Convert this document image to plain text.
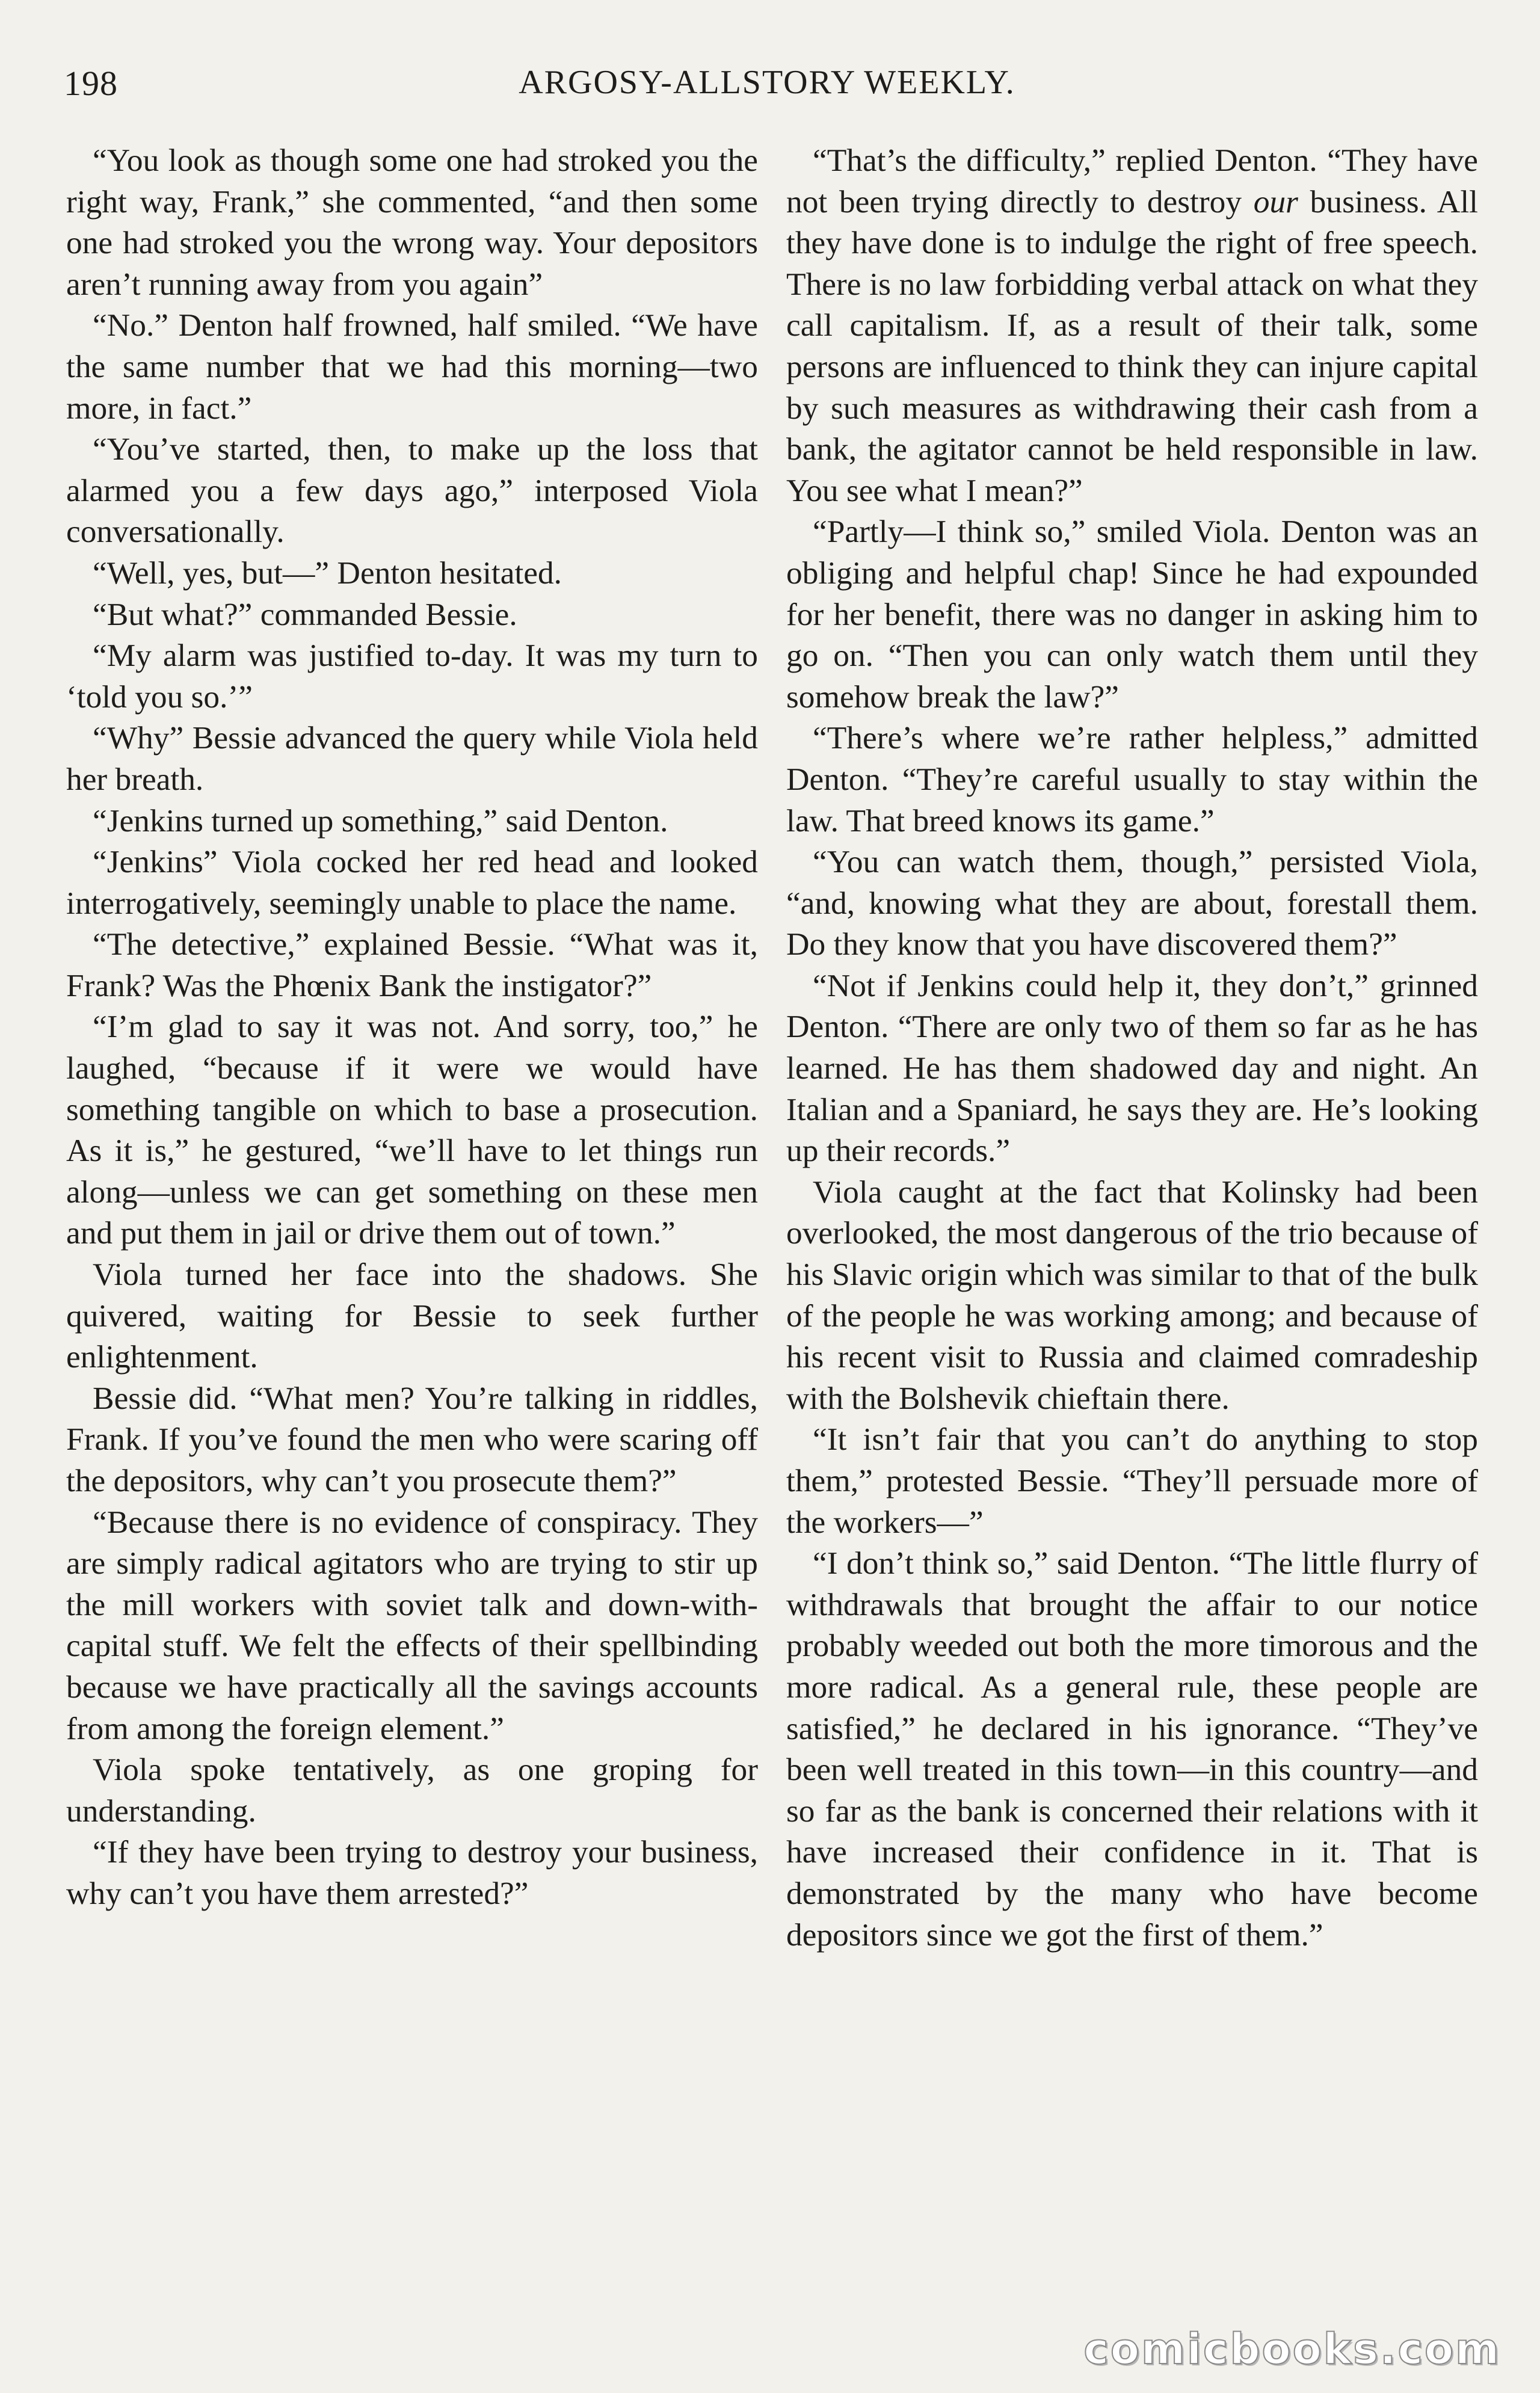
198	ARGOSY-ALLSTORY WEEKLY.

“You look as though some one had stroked you the right way, Frank,” she commented, “and then some one had stroked you the wrong way. Your depositors aren’t running away from you again”

“No.” Denton half frowned, half smiled. “We have the same number that we had this morning—two more, in fact.”

“You’ve started, then, to make up the loss that alarmed you a few days ago,” interposed Viola conversationally.

“Well, yes, but—” Denton hesitated.

“But what?” commanded Bessie.

“My alarm was justified to-day. It was my turn to ‘told you so.’”

“Why” Bessie advanced the query while Viola held her breath.

“Jenkins turned up something,” said Denton.

“Jenkins” Viola cocked her red head and looked interrogatively, seemingly unable to place the name.

“The detective,” explained Bessie. “What was it, Frank? Was the Phœnix Bank the instigator?”

“I’m glad to say it was not. And sorry, too,” he laughed, “because if it were we would have something tangible on which to base a prosecution. As it is,” he gestured, “we’ll have to let things run along—unless we can get something on these men and put them in jail or drive them out of town.”

Viola turned her face into the shadows. She quivered, waiting for Bessie to seek further enlightenment.

Bessie did. “What men? You’re talking in riddles, Frank. If you’ve found the men who were scaring off the depositors, why can’t you prosecute them?”

“Because there is no evidence of conspiracy. They are simply radical agitators who are trying to stir up the mill workers with soviet talk and down-with-capital stuff. We felt the effects of their spellbinding because we have practically all the savings accounts from among the foreign element.”

Viola spoke tentatively, as one groping for understanding.

“If they have been trying to destroy your business, why can’t you have them arrested?”

“That’s the difficulty,” replied Denton. “They have not been trying directly to destroy our business. All they have done is to indulge the right of free speech. There is no law forbidding verbal attack on what they call capitalism. If, as a result of their talk, some persons are influenced to think they can injure capital by such measures as withdrawing their cash from a bank, the agitator cannot be held responsible in law. You see what I mean?”

“Partly—I think so,” smiled Viola. Denton was an obliging and helpful chap! Since he had expounded for her benefit, there was no danger in asking him to go on. “Then you can only watch them until they somehow break the law?”

“There’s where we’re rather helpless,” admitted Denton. “They’re careful usually to stay within the law. That breed knows its game.”

“You can watch them, though,” persisted Viola, “and, knowing what they are about, forestall them. Do they know that you have discovered them?”

“Not if Jenkins could help it, they don’t,” grinned Denton. “There are only two of them so far as he has learned. He has them shadowed day and night. An Italian and a Spaniard, he says they are. He’s looking up their records.”

Viola caught at the fact that Kolinsky had been overlooked, the most dangerous of the trio because of his Slavic origin which was similar to that of the bulk of the people he was working among; and because of his recent visit to Russia and claimed comradeship with the Bolshevik chieftain there.

“It isn’t fair that you can’t do anything to stop them,” protested Bessie. “They’ll persuade more of the workers—”

“I don’t think so,” said Denton. “The little flurry of withdrawals that brought the affair to our notice probably weeded out both the more timorous and the more radical. As a general rule, these people are satisfied,” he declared in his ignorance. “They’ve been well treated in this town—in this country—and so far as the bank is concerned their relations with it have increased their confidence in it. That is demonstrated by the many who have become depositors since we got the first of them.”

comicbooks.com
